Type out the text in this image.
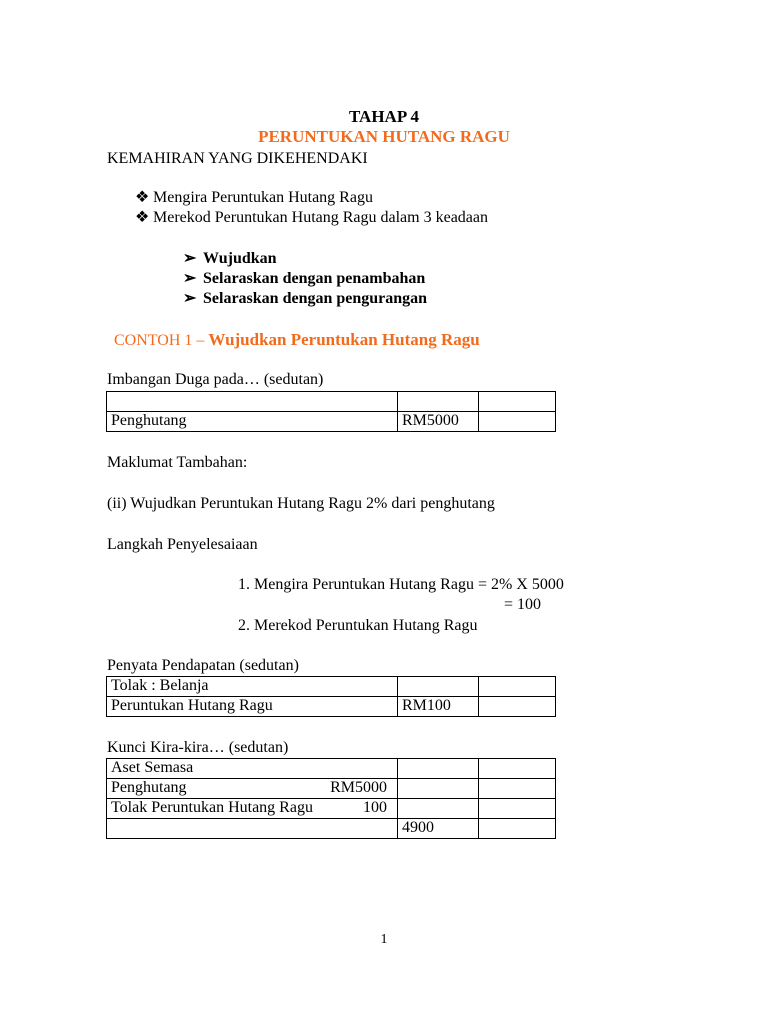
TAHAP 4
PERUNTUKAN HUTANG RAGU
KEMAHIRAN YANG DIKEHENDAKI
❖ Mengira Peruntukan Hutang Ragu
❖ Merekod Peruntukan Hutang Ragu dalam 3 keadaan
➢ Wujudkan
➢ Selaraskan dengan penambahan
➢ Selaraskan dengan pengurangan
CONTOH 1 – Wujudkan Peruntukan Hutang Ragu
Imbangan Duga pada… (sedutan)

Penghutang	RM5000	
Maklumat Tambahan:
(ii) Wujudkan Peruntukan Hutang Ragu 2% dari penghutang
Langkah Penyelesaiaan
1. Mengira Peruntukan Hutang Ragu = 2% X 5000
= 100
2. Merekod Peruntukan Hutang Ragu
Penyata Pendapatan (sedutan)
Tolak : Belanja		
Peruntukan Hutang Ragu	RM100	
Kunci Kira-kira… (sedutan)
Aset Semasa		

Penghutang RM5000		

Tolak Peruntukan Hutang Ragu 100		

	4900	
1
